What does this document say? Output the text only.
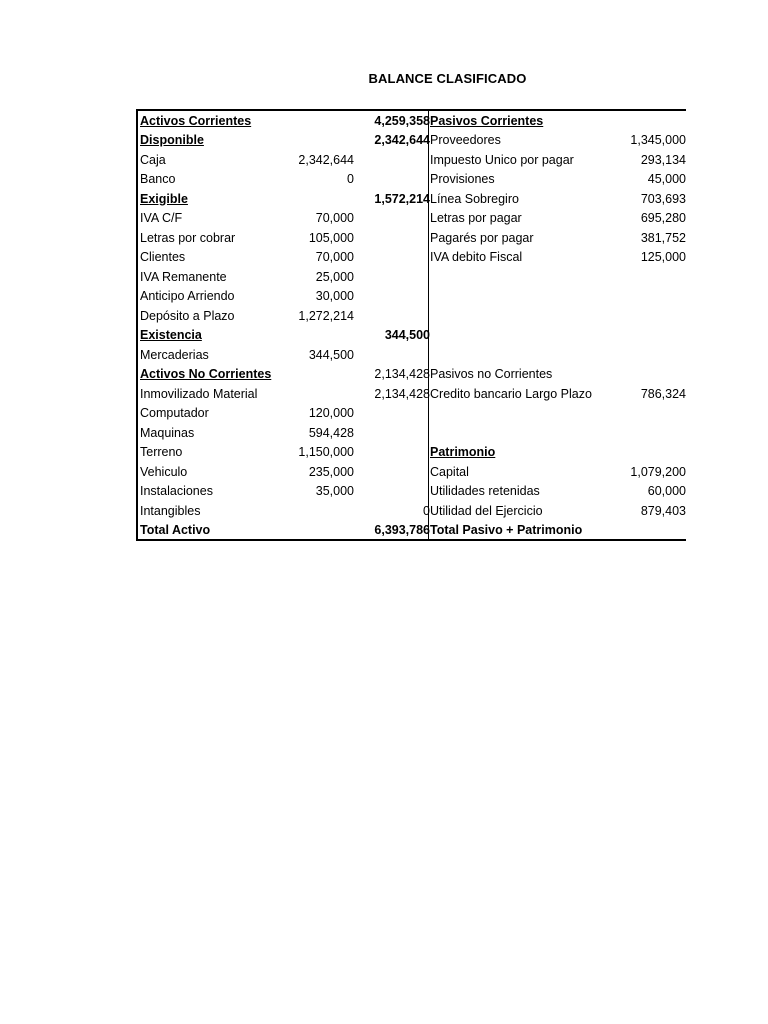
BALANCE CLASIFICADO
Activos Corrientes	4,259,358 Pasivos Corrientes
Disponible	2,342,644 Proveedores	1,345,000
Caja	2,342,644	Impuesto Unico por pagar	293,134
Banco	0	Provisiones	45,000
Exigible	1,572,214 Línea Sobregiro	703,693
IVA C/F	70,000	Letras por pagar	695,280
Letras por cobrar	105,000	Pagarés por pagar	381,752
Clientes	70,000	IVA debito Fiscal	125,000
IVA Remanente	25,000
Anticipo Arriendo	30,000
Depósito a Plazo	1,272,214
Existencia	344,500
Mercaderias	344,500
Activos No Corrientes	2,134,428 Pasivos no Corrientes
Inmovilizado Material	2,134,428 Credito bancario Largo Plazo	786,324
Computador	120,000
Maquinas	594,428
Terreno	1,150,000	Patrimonio
Vehiculo	235,000	Capital	1,079,200
Instalaciones	35,000	Utilidades retenidas	60,000
Intangibles	0 Utilidad del Ejercicio	879,403
Total Activo	6,393,786 Total Pasivo + Patrimonio
